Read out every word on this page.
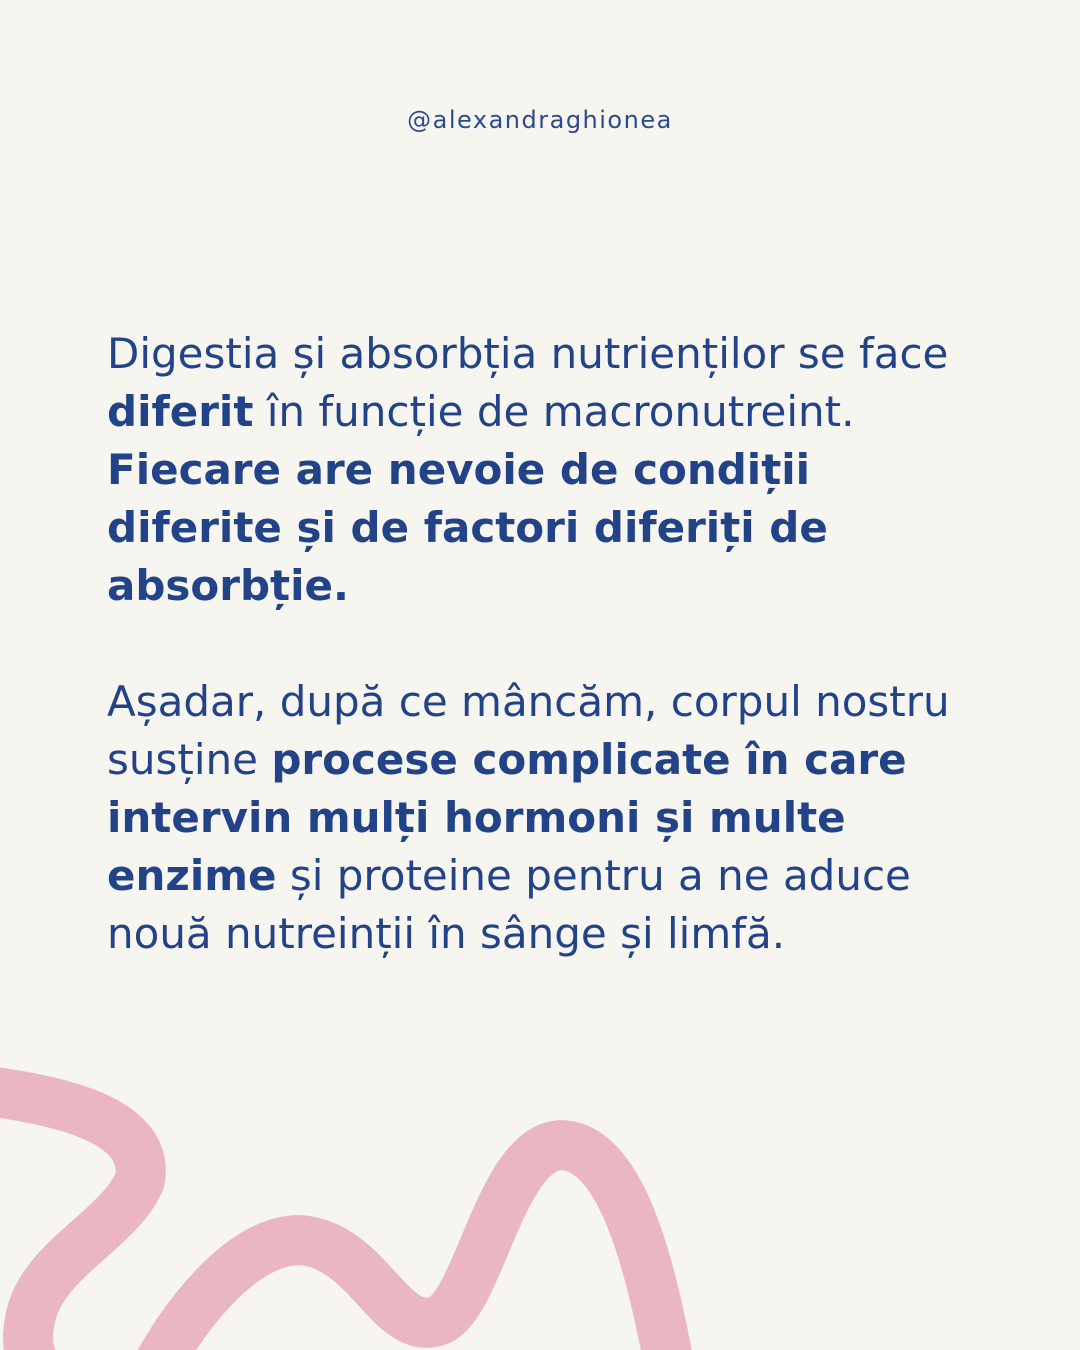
@alexandraghionea

Digestia și absorbția nutrienților se face diferit în funcție de macronutreint. Fiecare are nevoie de condiții diferite și de factori diferiți de absorbție.

Așadar, după ce mâncăm, corpul nostru susține procese complicate în care intervin mulți hormoni și multe enzime și proteine pentru a ne aduce nouă nutreinții în sânge și limfă.
